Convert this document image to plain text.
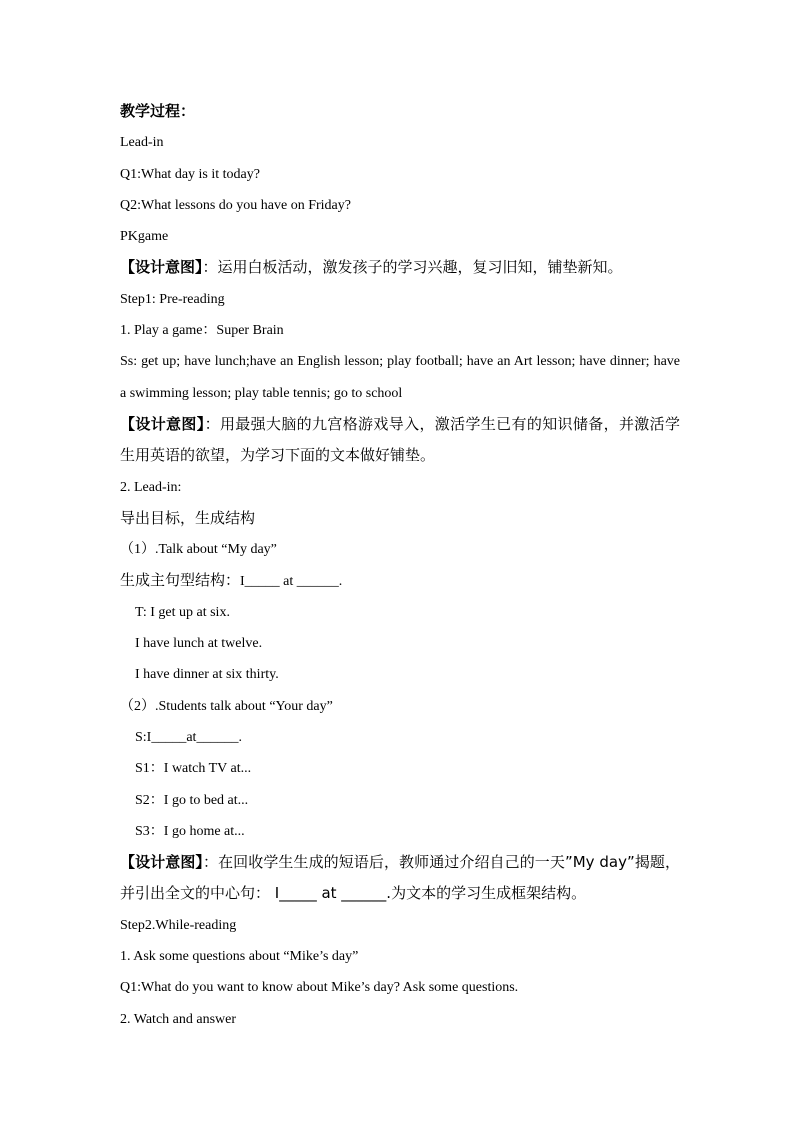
教学过程：
Lead-in
Q1:What day is it today?
Q2:What lessons do you have on Friday?
PKgame
【设计意图】：运用白板活动，激发孩子的学习兴趣，复习旧知，铺垫新知。
Step1: Pre-reading
1. Play a game：Super Brain
Ss: get up; have lunch;have an English lesson; play football; have an Art lesson; have dinner; have a swimming lesson; play table tennis; go to school
【设计意图】：用最强大脑的九宫格游戏导入，激活学生已有的知识储备，并激活学生用英语的欲望，为学习下面的文本做好铺垫。
2. Lead-in:
导出目标，生成结构
（1）.Talk about “My day”
生成主句型结构：I_____ at ______.
T: I get up at six.
I have lunch at twelve.
I have dinner at six thirty.
（2）.Students talk about “Your day”
S:I_____at______.
S1：I watch TV at...
S2：I go to bed at...
S3：I go home at...
【设计意图】：在回收学生生成的短语后，教师通过介绍自己的一天”My day”揭题，并引出全文的中心句： I_____ at ______.为文本的学习生成框架结构。
Step2.While-reading
1. Ask some questions about “Mike’s day”
Q1:What do you want to know about Mike’s day? Ask some questions.
2. Watch and answer
